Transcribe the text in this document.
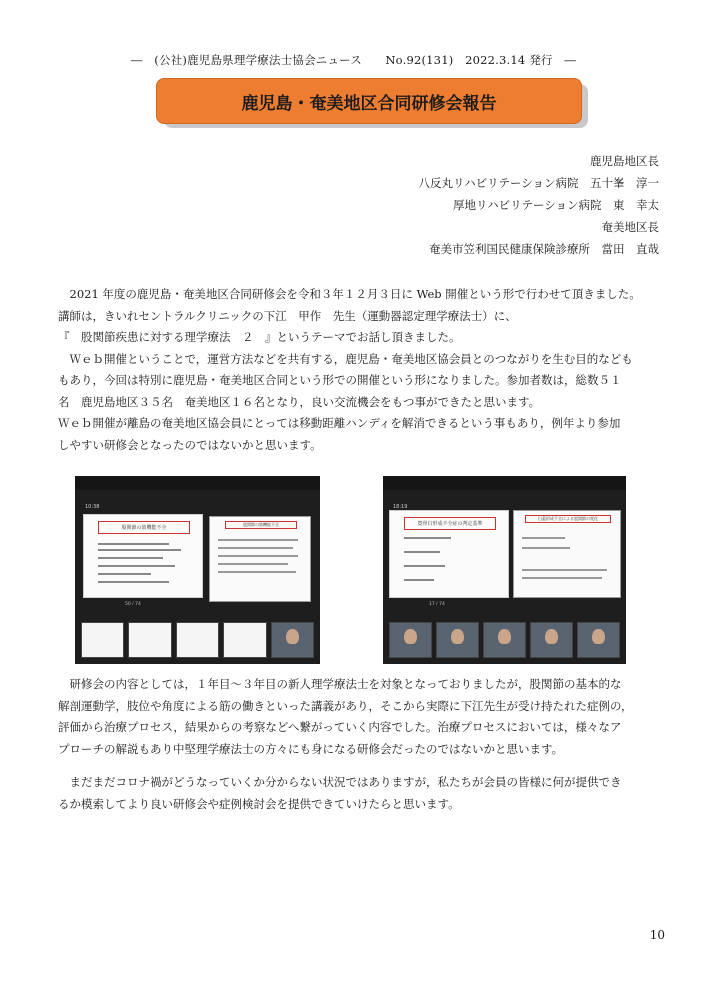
―　(公社)鹿児島県理学療法士協会ニュース　　No.92(131)　2022.3.14 発行　―
鹿児島・奄美地区合同研修会報告
鹿児島地区長
八反丸リハビリテーション病院　五十峯　淳一
厚地リハビリテーション病院　東　幸太
奄美地区長
奄美市笠利国民健康保険診療所　當田　直哉

　2021 年度の鹿児島・奄美地区合同研修会を令和３年１２月３日に Web 開催という形で行わせて頂きました。

講師は，きいれセントラルクリニックの下江　甲作　先生（運動器認定理学療法士）に、

『　股関節疾患に対する理学療法　２　』というテーマでお話し頂きました。

　Ｗｅｂ開催ということで，運営方法などを共有する，鹿児島・奄美地区協会員とのつながりを生む目的なども

もあり，今回は特別に鹿児島・奄美地区合同という形での開催という形になりました。参加者数は，総数５１

名　鹿児島地区３５名　奄美地区１６名となり，良い交流機会をもつ事ができたと思います。

Ｗｅｂ開催が離島の奄美地区協会員にとっては移動距離ハンディを解消できるという事もあり，例年より参加

しやすい研修会となったのではないかと思います。

10:38
股関節の筋機能不全
股関節の筋機能不全
50 / 74
18:19
寛骨臼形成不全症の判定基準
臼蓋形成不全による股関節の変化
17 / 74

　研修会の内容としては，１年目～３年目の新人理学療法士を対象となっておりましたが，股関節の基本的な

解剖運動学，肢位や角度による筋の働きといった講義があり，そこから実際に下江先生が受け持たれた症例の，

評価から治療プロセス，結果からの考察などへ繋がっていく内容でした。治療プロセスにおいては，様々なア

プローチの解説もあり中堅理学療法士の方々にも身になる研修会だったのではないかと思います。

　まだまだコロナ禍がどうなっていくか分からない状況ではありますが，私たちが会員の皆様に何が提供でき

るか模索してより良い研修会や症例検討会を提供できていけたらと思います。

10
